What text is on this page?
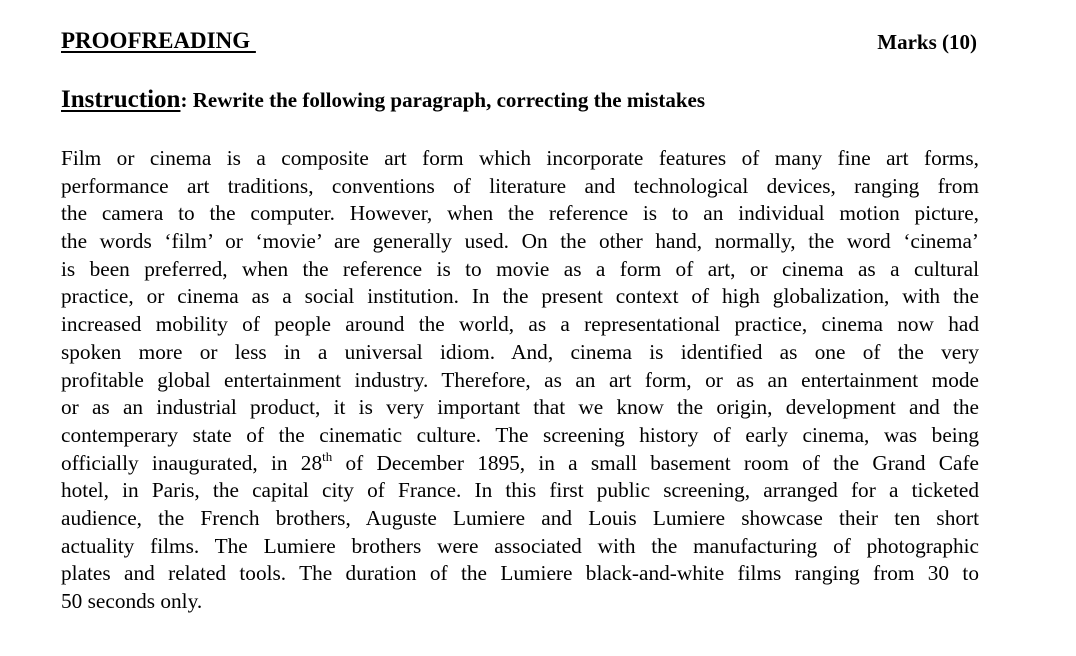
PROOFREADING	Marks (10)
Instruction: Rewrite the following paragraph, correcting the mistakes
Film or cinema is a composite art form which incorporate features of many fine art forms,
performance art traditions, conventions of literature and technological devices, ranging from
the camera to the computer. However, when the reference is to an individual motion picture,
the words ‘film’ or ‘movie’ are generally used. On the other hand, normally, the word ‘cinema’
is been preferred, when the reference is to movie as a form of art, or cinema as a cultural
practice, or cinema as a social institution. In the present context of high globalization, with the
increased mobility of people around the world, as a representational practice, cinema now had
spoken more or less in a universal idiom. And, cinema is identified as one of the very
profitable global entertainment industry. Therefore, as an art form, or as an entertainment mode
or as an industrial product, it is very important that we know the origin, development and the
contemperary state of the cinematic culture. The screening history of early cinema, was being
officially inaugurated, in 28th of December 1895, in a small basement room of the Grand Cafe
hotel, in Paris, the capital city of France. In this first public screening, arranged for a ticketed
audience, the French brothers, Auguste Lumiere and Louis Lumiere showcase their ten short
actuality films. The Lumiere brothers were associated with the manufacturing of photographic
plates and related tools. The duration of the Lumiere black-and-white films ranging from 30 to
50 seconds only.
